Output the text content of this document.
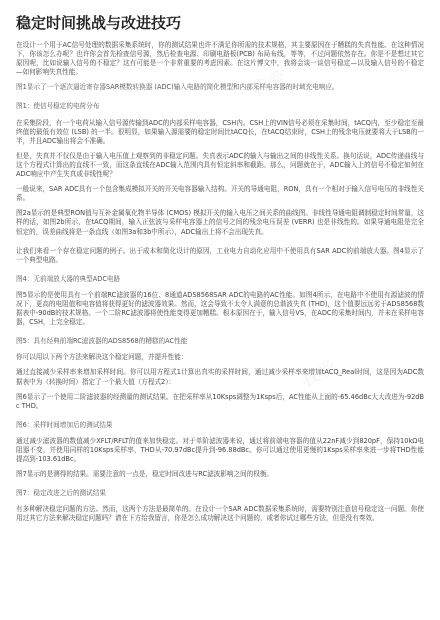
我爱
我爱
稳定时间挑战与改进技巧

在设计一个用于AC信号处理的数据采集系统时，你的测试结果也许不满足你所需的技术规格，其主要原因在于糟糕的失真性能。在这种情况下，你该怎么办呢？也许你会首先检查信号源，然后检查电源、印刷电路板(PCB) 布局布线，等等，不过问题依然存在。你是不是想过其它原因呢，比如说输入信号的不稳定？这有可能是一个非常重要的考虑因素。在这片博文中，我将会谈一谈信号稳定—以及输入信号的不稳定—如何影响失真性能。

图1显示了一个逐次逼近寄存器SAR模数转换器 (ADC)输入电路的简化模型和内部采样电容器的时域充电响应。

图1：使信号稳定的电荷分布

在采集阶段，有一个电荷从输入信号源传输到ADC的内部采样电容器，CSH内。CSH上的VIN信号必须在采集时间，tACQ内，至少稳定至最终值的最低有效位 (LSB) 的一半。很明显，如果输入源需要的稳定时间比tACQ长，在tACQ结束时，CSH上的残余电压就要将大于LSB的一半，并且ADC输出将会不准确。

但是，失真并不仅仅是由于输入电压值上观察到的非稳定问题。失真表示ADC的输入与输出之间的非线性关系。换句话说，ADC传递曲线与这个方程式计算出的直线不一致，而这条直线在ADC输入范围内具有恒定斜率和截距。那么，问题就在于，ADC输入上的信号不稳定如何在ADC响应中产生失真或非线性呢？

一般说来，SAR ADC具有一个包含集成模拟开关的开关电容器输入结构。开关的导通电阻，RON，具有一个相对于输入信号电压的非线性关系。

图2a显示的是典型RON值与互补金属氧化物半导体 (CMOS) 模拟开关的输入电压之间关系的曲线图。非线性导通电阻调制稳定时间常量，这样的话，如图2b所示，在tACQ期间，输入正弦波与采样电容器上的信号之间的残余电压误差 (VERR) 也是非线性的。如果导通电阻是完全恒定的，误差曲线将是一条直线（如图3a和3b中所示），ADC输出上将不会出现失真。

让我们来看一个存在稳定问题的例子。出于成本和简化设计的原因，工业电力自动化应用中不使用具有SAR ADC的前端放大器。图4显示了一个典型电路。

图4：无前端放大器的典型ADC电路

图5显示的是使用具有一个前端RC滤波器的16位、8通道ADS8568SAR ADC的电路的AC性能。如图4所示，在电路中不使用有源滤波的情况下，更高的电阻值和电容值将获得更好的滤波器效果。然而，这会导致不太令人满意的总谐波失真 (THD)，这个值要远远劣于ADS8568数据表中-90dB的技术规格。一个二阶RC滤波器将使性能变得更加糟糕。根本原因在于，输入信号VS，在ADC的采集时间内，并未在采样电容器，CSH，上完全稳定。

图5：具有经典前端RC滤波器的ADS8568的糟糕的AC性能

你可以用以下两个方法来解决这个稳定问题，并提升性能：

通过直接减少采样率来增加采样时间。你可以用方程式1计算出真实的采样时间，通过减少采样率来增加tACQ_Real时间，这是因为ADC数据表中为（转换时间）指定了一个最大值（方程式2）：

图6显示了一个使用二阶滤波器的经测量的测试结果。在把采样率从10Ksps调整为1Ksps后，AC性能从上面的-65.46dBc大大改进为-92dBc THD。

图6：采样时间增加后的测试结果

通过减少滤波器的数值减少XFLT/RFLT的值来加快稳定。对于单阶滤波器来说，通过将前端电容器的值从22nF减少到820pF，保持10kΩ电阻器不变，并使用同样的10Ksps采样率，THD从-70.97dBc提升到-96.88dBc。你可以通过使用更慢的1Ksps采样率来进一步将THD性能提高到-103.61dBc。

图7显示的是测得的结果。需要注意的一点是，稳定时间改进与RC滤波影响之间的权衡。

图7：稳定改进之后的测试结果

有多种解决稳定问题的方法。然而，这两个方法是最简单的。在设计一个SAR ADC数据采集系统时，需要特别注意信号稳定这一问题。你使用过其它方法来解决稳定问题吗？请在下方给我留言，你是怎么成功解决这个问题的，或者你试过哪些方法，但是没有奏效。
